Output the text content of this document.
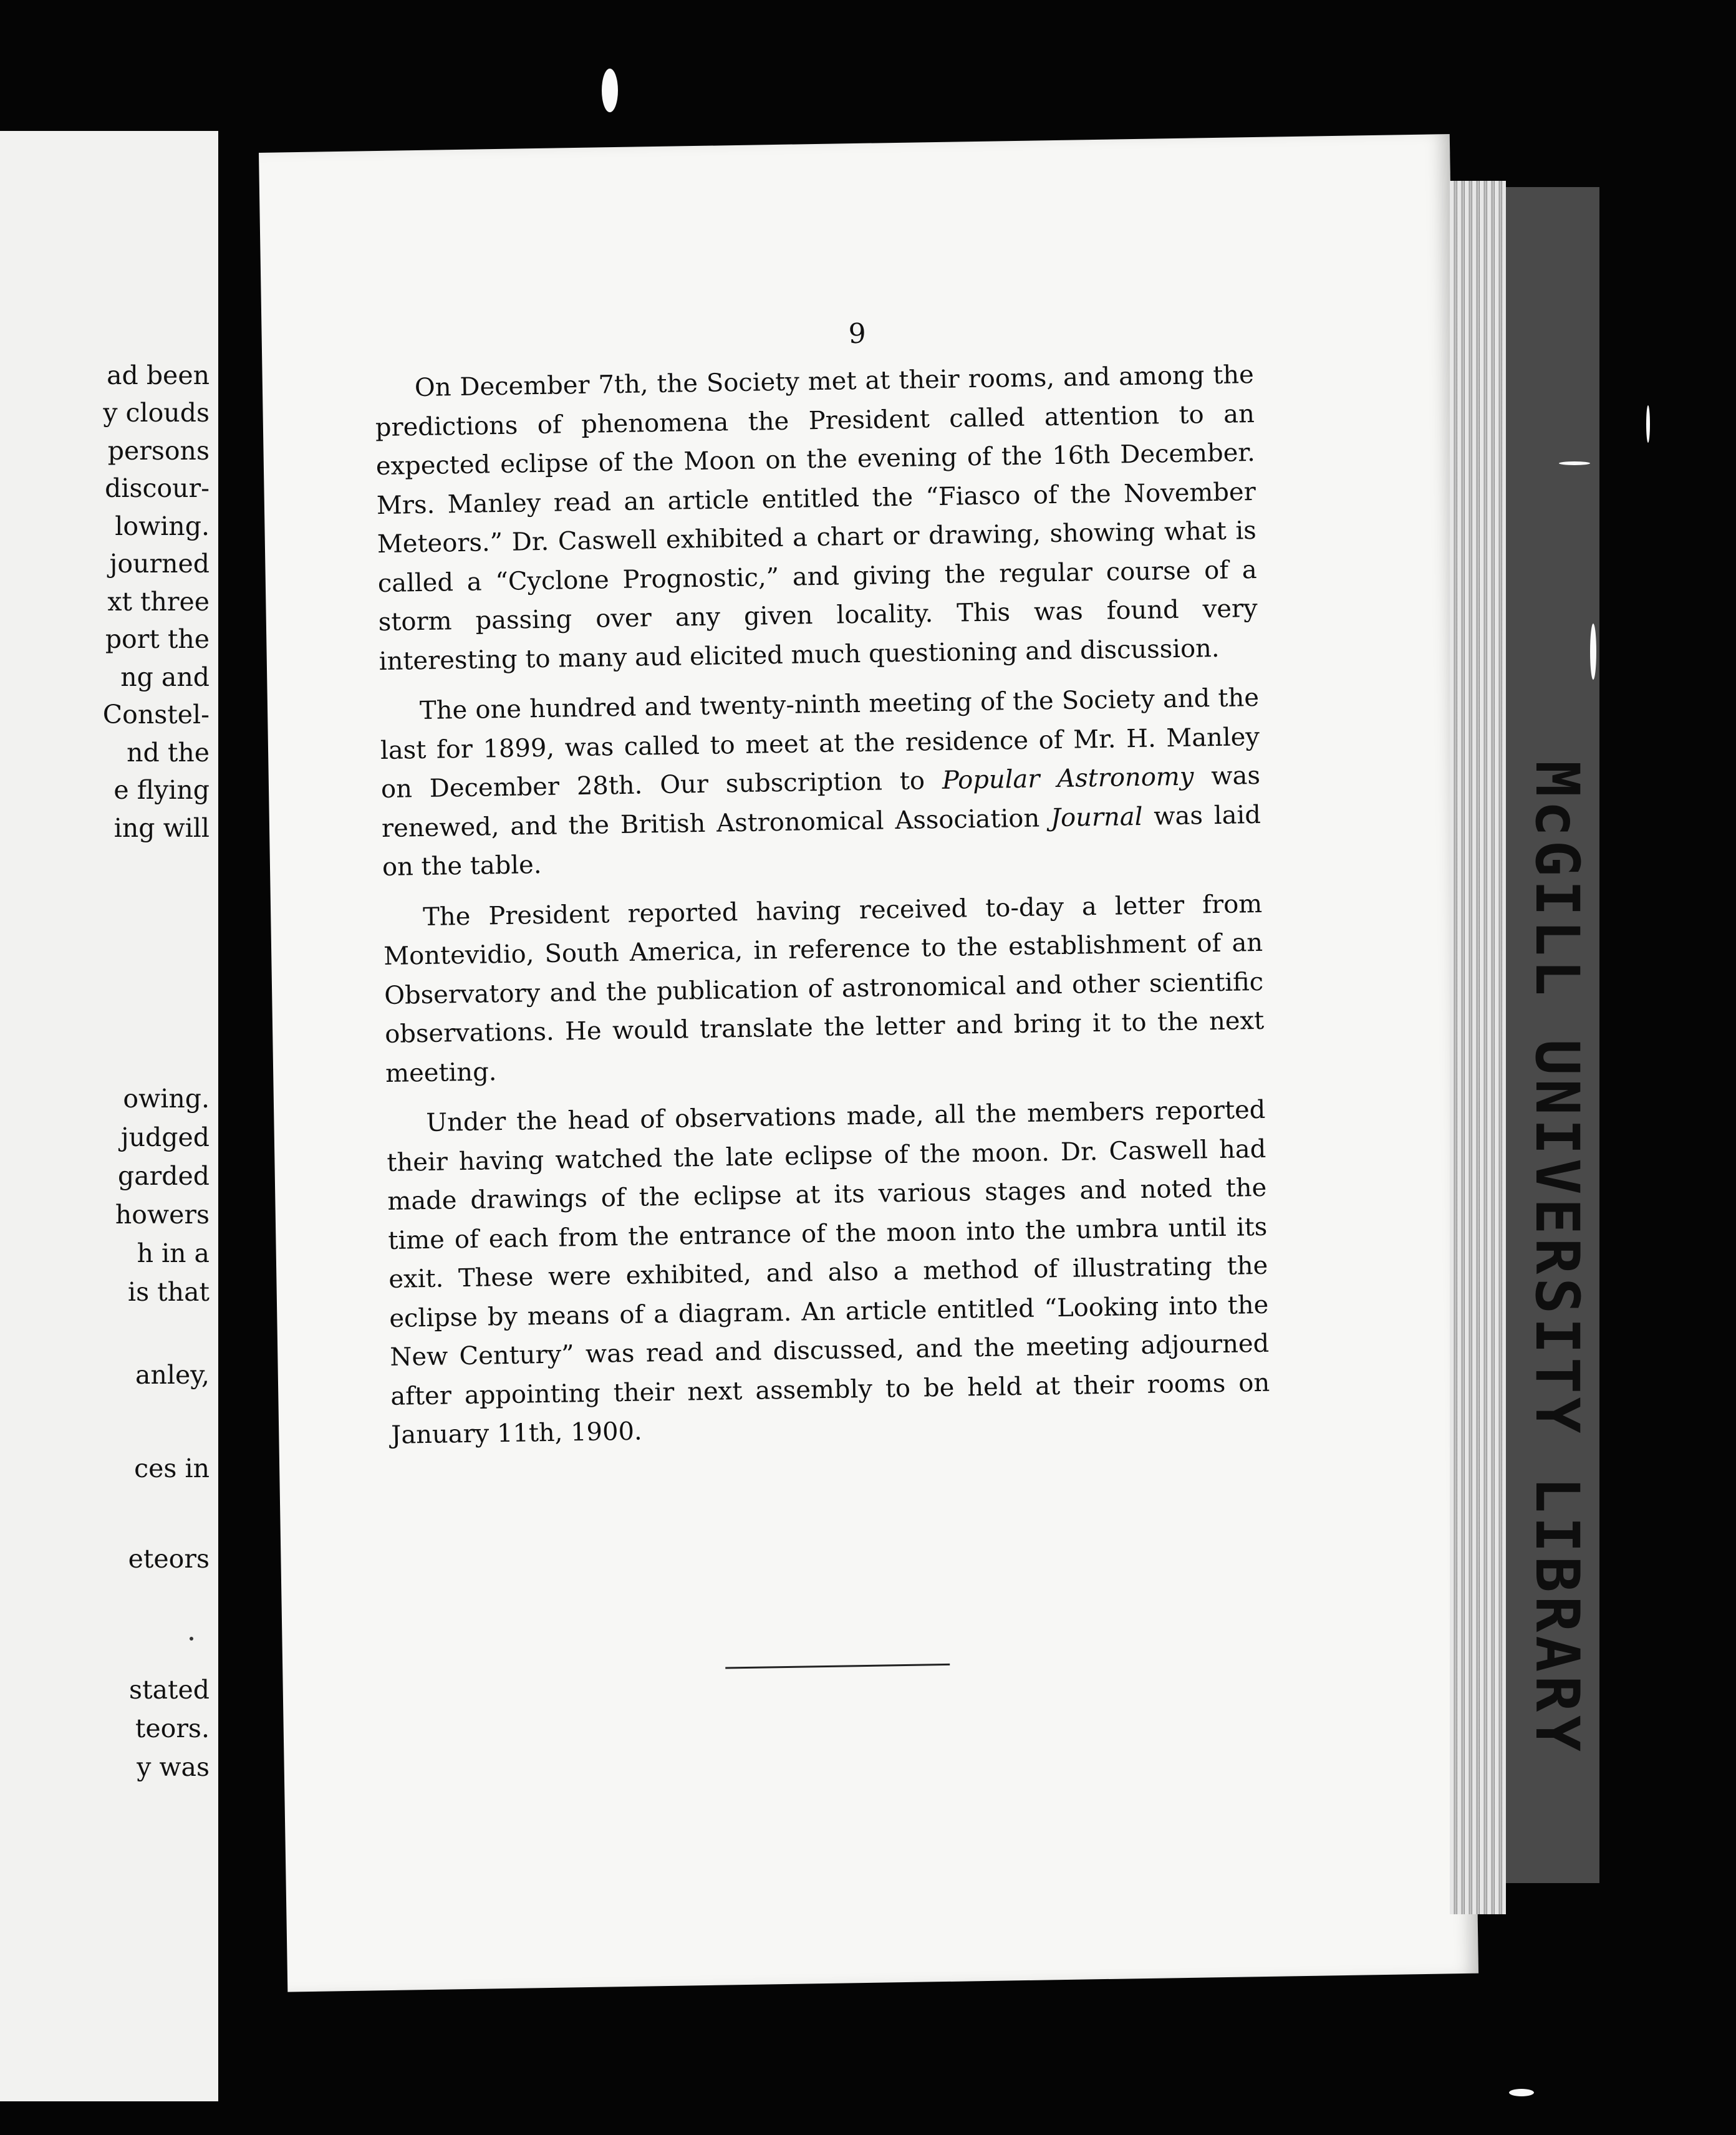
ad been
y clouds
persons
discour-
lowing.
journed
xt three
port the
ng and
Constel-
nd the
e flying
ing will
owing.
judged
garded
howers
h in a
is that
anley,
ces in
eteors
stated
teors.
y was
9

On December 7th, the Society met at their rooms, and among the predictions of phenomena the President called attention to an expected eclipse of the Moon on the evening of the 16th December. Mrs. Manley read an article entitled the “Fiasco of the November Meteors.” Dr. Caswell exhibited a chart or drawing, showing what is called a “Cyclone Prognostic,” and giving the regular course of a storm passing over any given locality. This was found very interesting to many aud elicited much questioning and discussion.

The one hundred and twenty-ninth meeting of the Society and the last for 1899, was called to meet at the residence of Mr. H. Manley on December 28th. Our subscription to Popular Astronomy was renewed, and the British Astronomical Association Journal was laid on the table.

The President reported having received to-day a letter from Montevidio, South America, in reference to the establishment of an Observatory and the publication of astronomical and other scientific observations. He would translate the letter and bring it to the next meeting.

Under the head of observations made, all the members reported their having watched the late eclipse of the moon. Dr. Caswell had made drawings of the eclipse at its various stages and noted the time of each from the entrance of the moon into the umbra until its exit. These were exhibited, and also a method of illustrating the eclipse by means of a diagram. An article entitled “Looking into the New Century” was read and discussed, and the meeting adjourned after appointing their next assembly to be held at their rooms on January 11th, 1900.	McGILL UNIVERSITY LIBRARY
